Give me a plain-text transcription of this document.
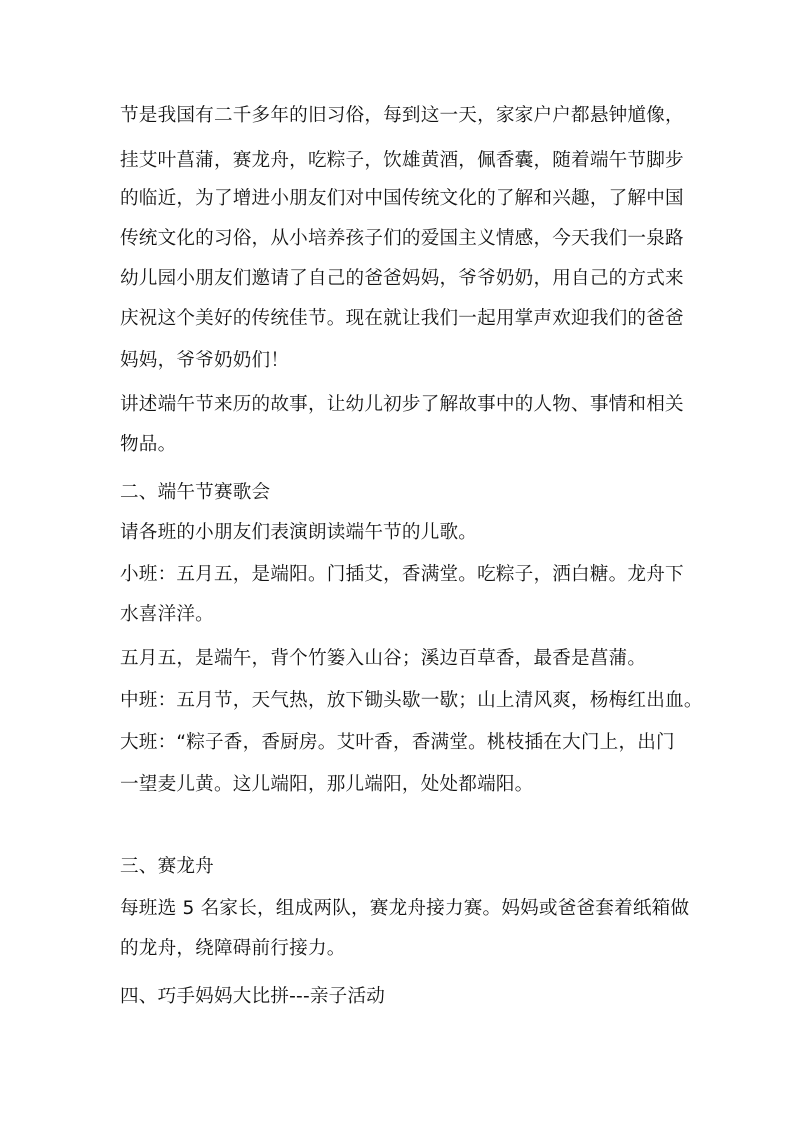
节是我国有二千多年的旧习俗，每到这一天，家家户户都悬钟馗像，
挂艾叶菖蒲，赛龙舟，吃粽子，饮雄黄酒，佩香囊，随着端午节脚步
的临近，为了增进小朋友们对中国传统文化的了解和兴趣，了解中国
传统文化的习俗，从小培养孩子们的爱国主义情感，今天我们一泉路
幼儿园小朋友们邀请了自己的爸爸妈妈，爷爷奶奶，用自己的方式来
庆祝这个美好的传统佳节。现在就让我们一起用掌声欢迎我们的爸爸
妈妈，爷爷奶奶们！
讲述端午节来历的故事，让幼儿初步了解故事中的人物、事情和相关
物品。
二、端午节赛歌会
请各班的小朋友们表演朗读端午节的儿歌。
小班：五月五，是端阳。门插艾，香满堂。吃粽子，洒白糖。龙舟下
水喜洋洋。
五月五，是端午，背个竹篓入山谷；溪边百草香，最香是菖蒲。
中班：五月节，天气热，放下锄头歇一歇；山上清风爽，杨梅红出血。
大班：“粽子香，香厨房。艾叶香，香满堂。桃枝插在大门上，出门
一望麦儿黄。这儿端阳，那儿端阳，处处都端阳。
三、赛龙舟
每班选 5 名家长，组成两队，赛龙舟接力赛。妈妈或爸爸套着纸箱做
的龙舟，绕障碍前行接力。
四、巧手妈妈大比拼---亲子活动
